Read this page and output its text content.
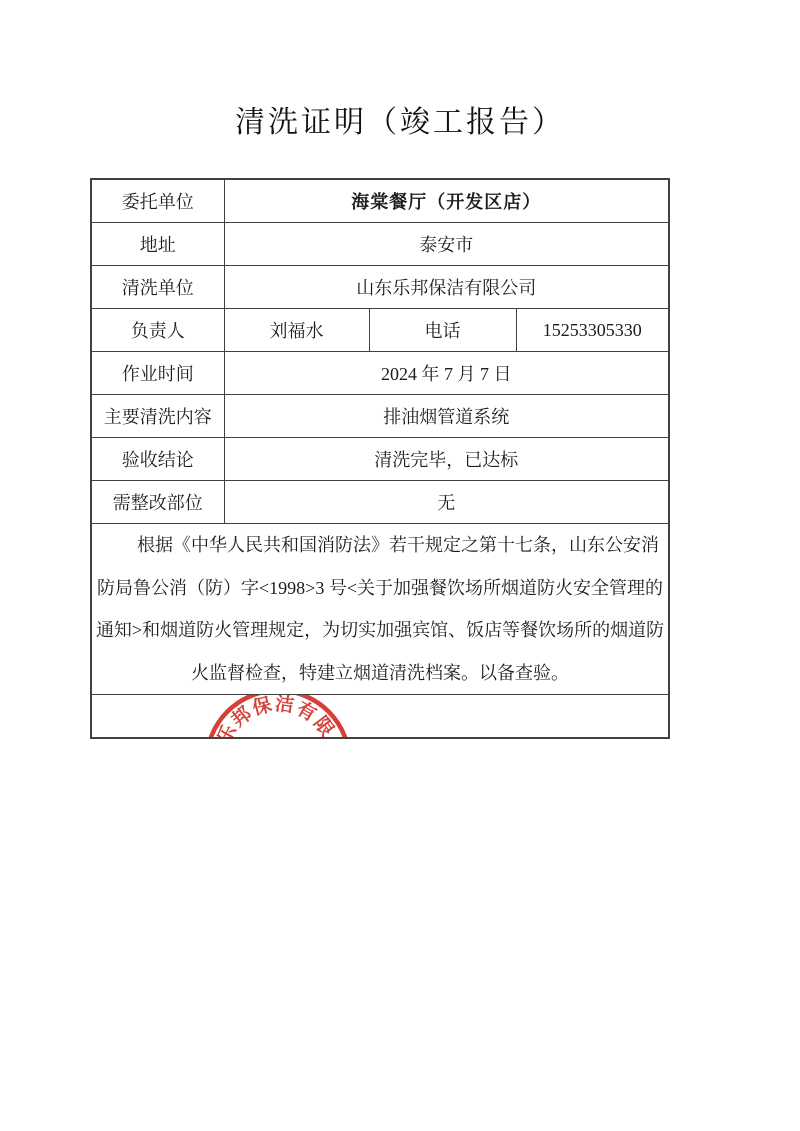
清洗证明（竣工报告）
委托单位	海棠餐厅（开发区店）		
地址	泰安市		
清洗单位	山东乐邦保洁有限公司		
负责人	刘福水	电话	15253305330
作业时间	2024 年 7 月 7 日		
主要清洗内容	排油烟管道系统		
验收结论	清洗完毕，已达标		
需整改部位	无		
根据《中华人民共和国消防法》若干规定之第十七条，山东公安消防局鲁公消（防）字<1998>3 号<关于加强餐饮场所烟道防火安全管理的通知>和烟道防火管理规定，为切实加强宾馆、饭店等餐饮场所的烟道防火监督检查，特建立烟道清洗档案。以备查验。			

山东乐邦保洁有限公司
3703073109975			
